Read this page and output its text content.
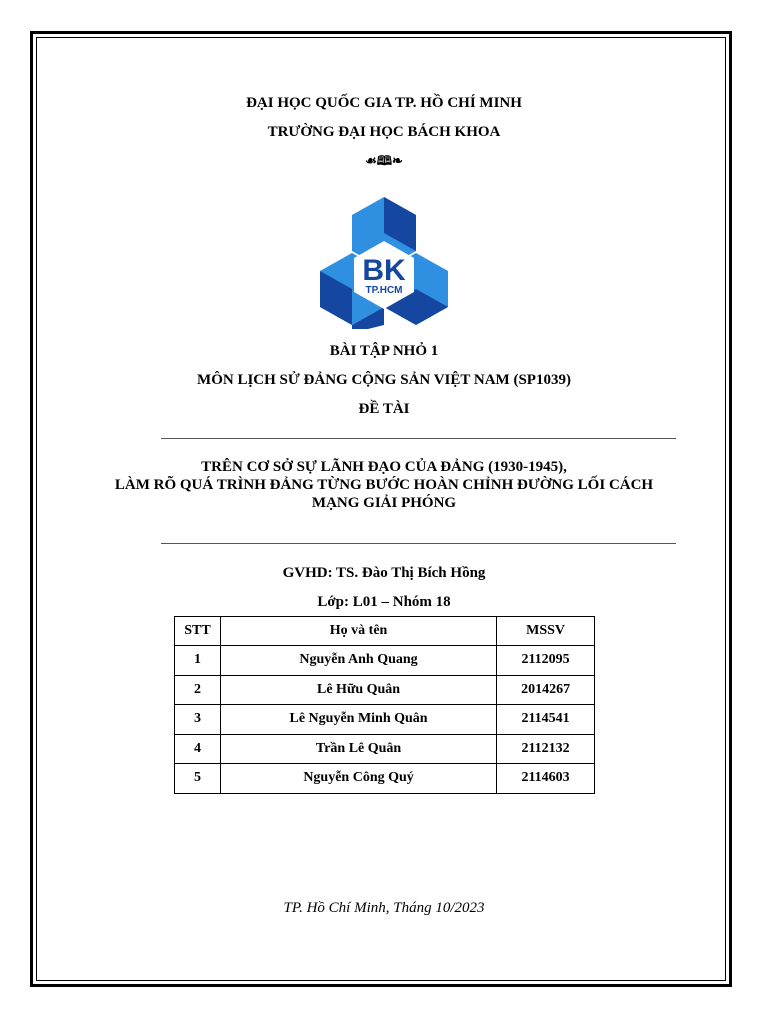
ĐẠI HỌC QUỐC GIA TP. HỒ CHÍ MINH
TRƯỜNG ĐẠI HỌC BÁCH KHOA
☙🕮❧
BK
TP.HCM
BÀI TẬP NHỎ 1
MÔN LỊCH SỬ ĐẢNG CỘNG SẢN VIỆT NAM (SP1039)
ĐỀ TÀI
TRÊN CƠ SỞ SỰ LÃNH ĐẠO CỦA ĐẢNG (1930-1945),
LÀM RÕ QUÁ TRÌNH ĐẢNG TỪNG BƯỚC HOÀN CHỈNH ĐƯỜNG LỐI CÁCH
MẠNG GIẢI PHÓNG
GVHD: TS. Đào Thị Bích Hồng
Lớp: L01 – Nhóm 18
STT	Họ và tên	MSSV
1	Nguyễn Anh Quang	2112095
2	Lê Hữu Quân	2014267
3	Lê Nguyễn Minh Quân	2114541
4	Trần Lê Quân	2112132
5	Nguyễn Công Quý	2114603
TP. Hồ Chí Minh, Tháng 10/2023
